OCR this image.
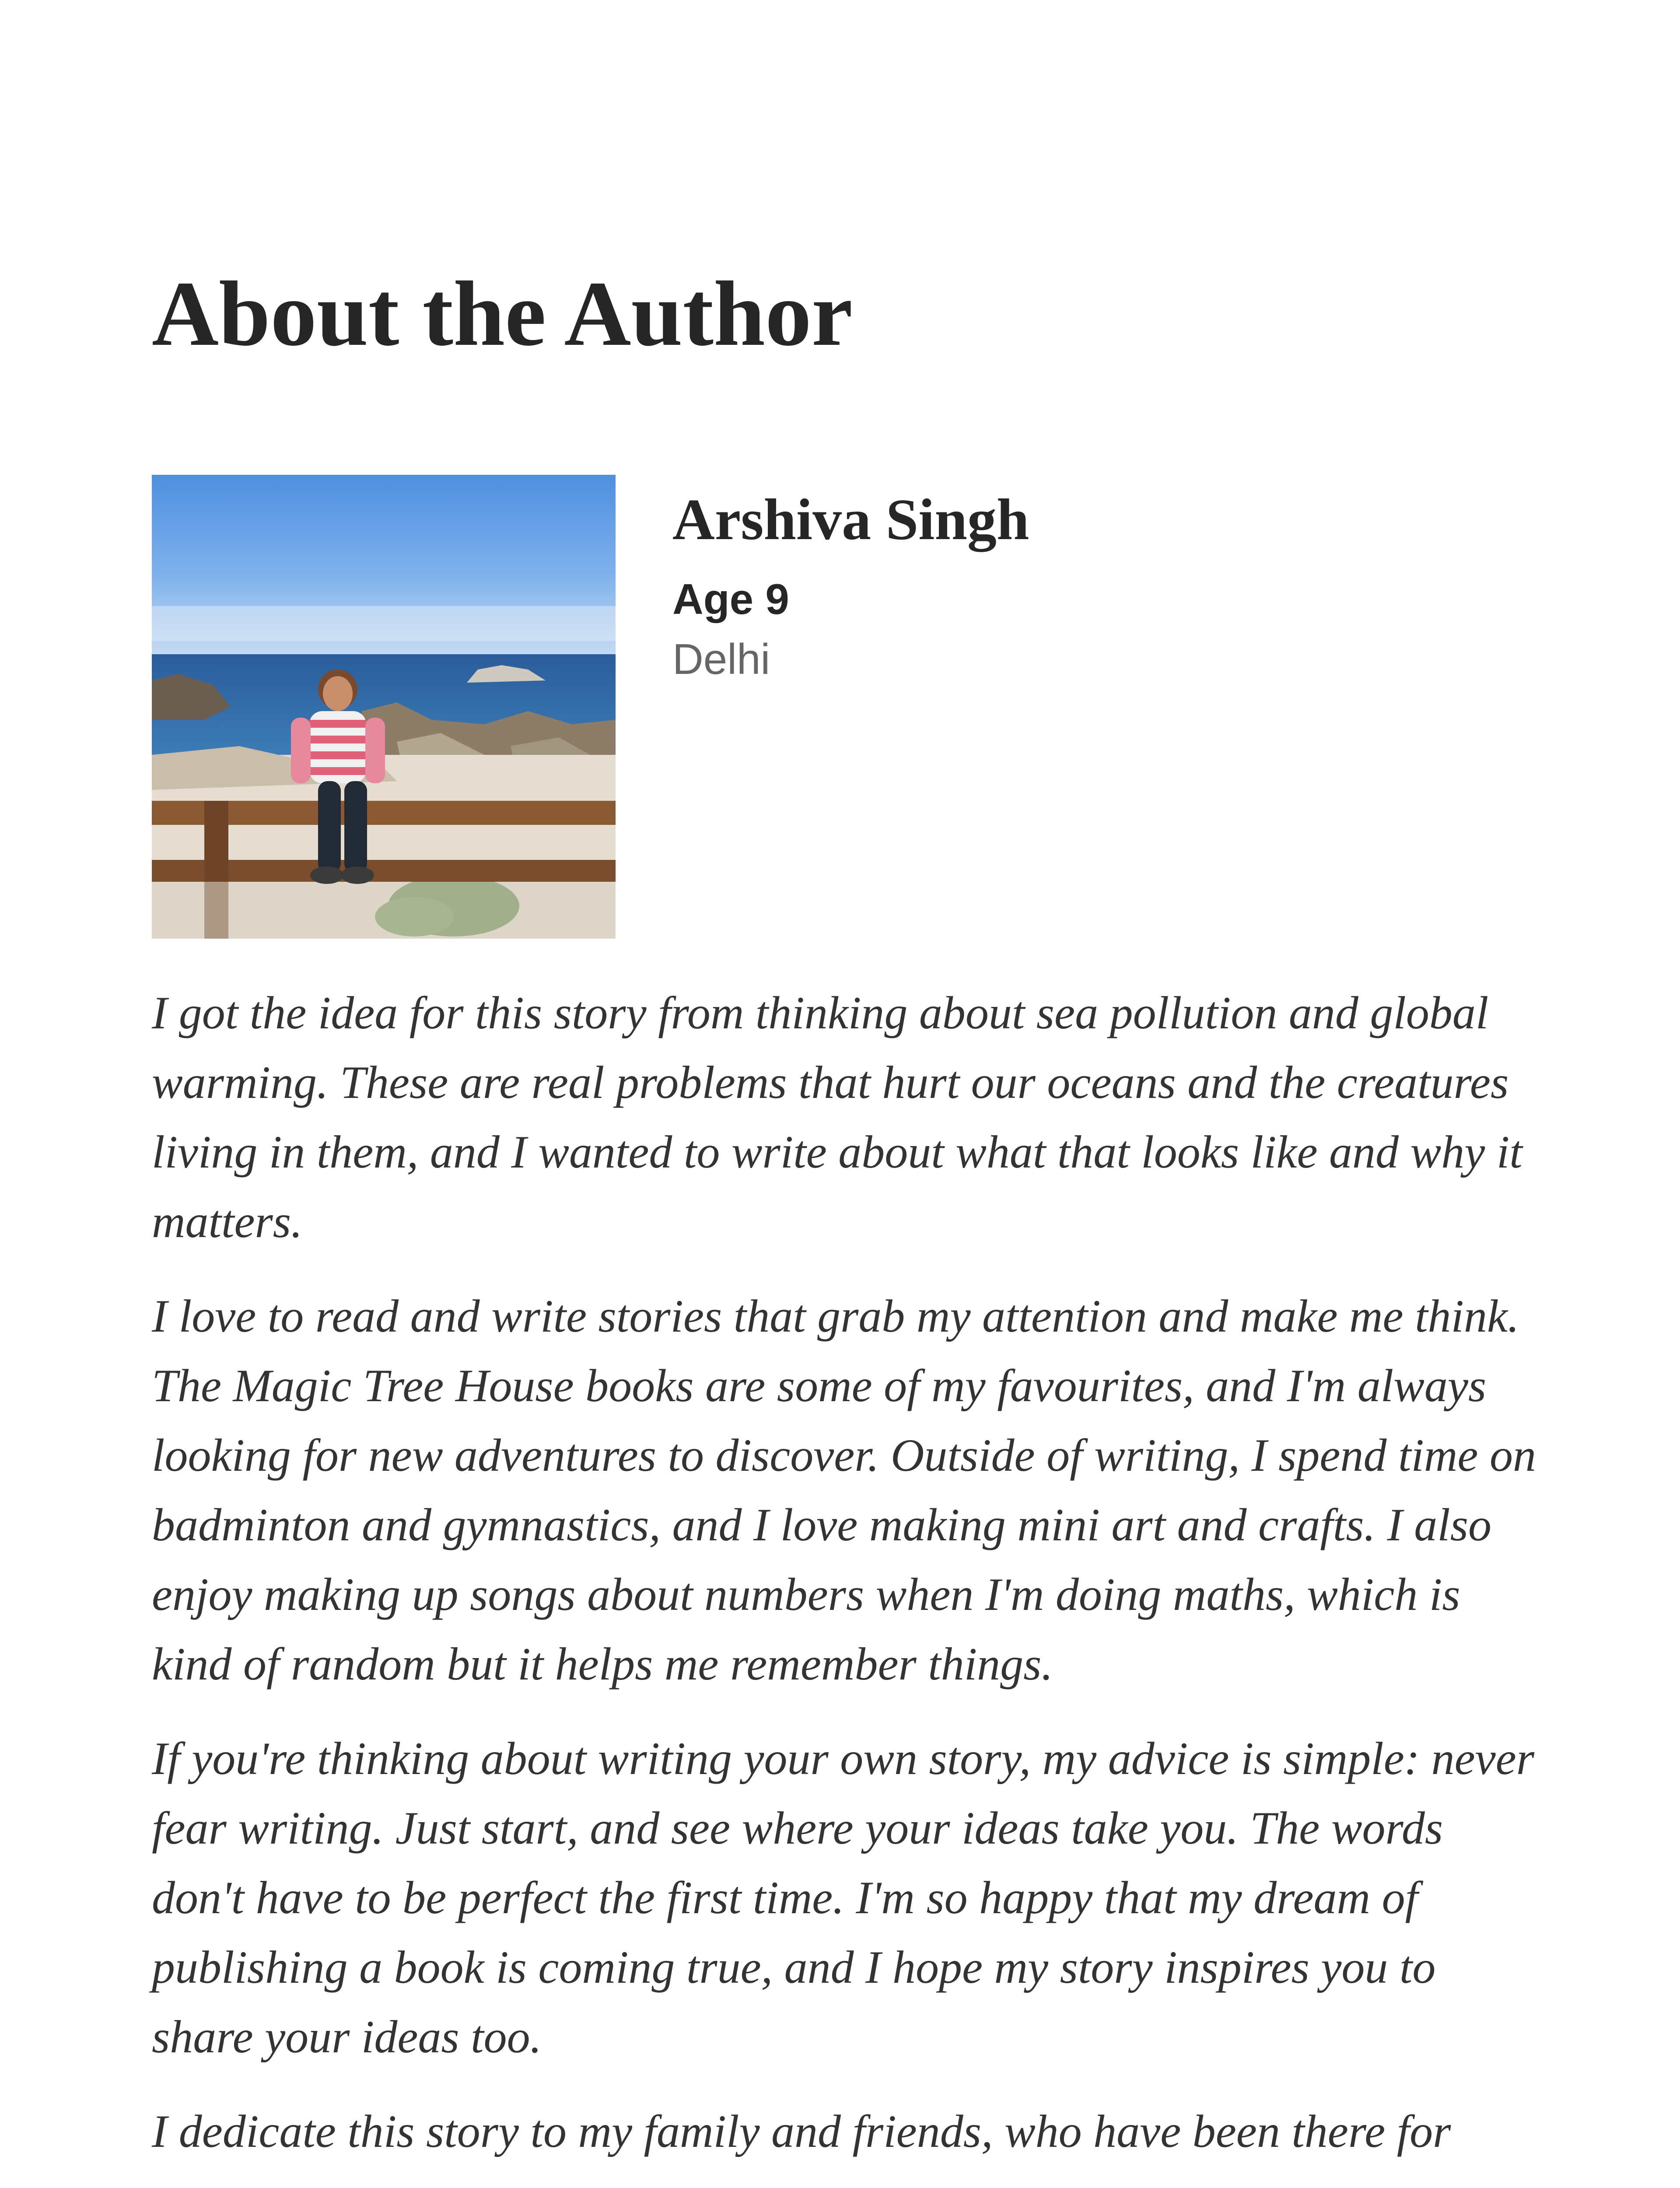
About the Author
Arshiva Singh
Age 9
Delhi

I got the idea for this story from thinking about sea pollution and global warming. These are real problems that hurt our oceans and the creatures living in them, and I wanted to write about what that looks like and why it matters.

I love to read and write stories that grab my attention and make me think. The Magic Tree House books are some of my favourites, and I'm always looking for new adventures to discover. Outside of writing, I spend time on badminton and gymnastics, and I love making mini art and crafts. I also enjoy making up songs about numbers when I'm doing maths, which is kind of random but it helps me remember things.

If you're thinking about writing your own story, my advice is simple: never fear writing. Just start, and see where your ideas take you. The words don't have to be perfect the first time. I'm so happy that my dream of publishing a book is coming true, and I hope my story inspires you to share your ideas too.

I dedicate this story to my family and friends, who have been there for
